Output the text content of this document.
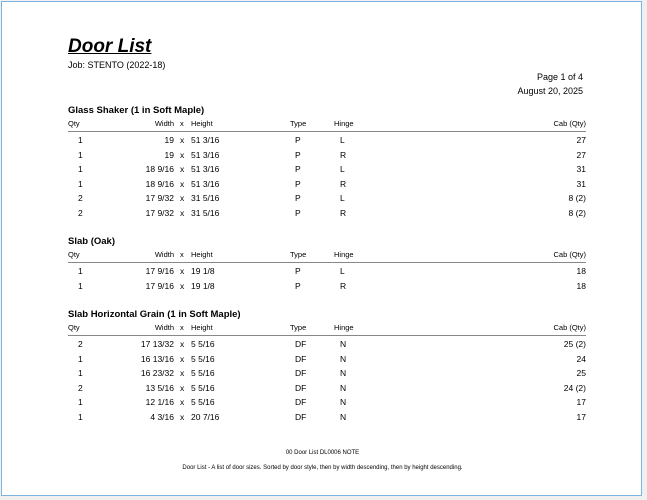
Door List
Job: STENTO (2022-18)
Page 1 of 4
August 20, 2025
Glass Shaker (1 in Soft Maple)
Qty	Width x Height	Type	Hinge	Cab (Qty)
1	19 x 51 3/16	P	L	27
1	19 x 51 3/16	P	R	27
1	18 9/16 x 51 3/16	P	L	31
1	18 9/16 x 51 3/16	P	R	31
2	17 9/32 x 31 5/16	P	L	8 (2)
2	17 9/32 x 31 5/16	P	R	8 (2)
Slab (Oak)
Qty	Width x Height	Type	Hinge	Cab (Qty)
1	17 9/16 x 19 1/8	P	L	18
1	17 9/16 x 19 1/8	P	R	18
Slab Horizontal Grain (1 in Soft Maple)
Qty	Width x Height	Type	Hinge	Cab (Qty)
2	17 13/32 x 5 5/16	DF	N	25 (2)
1	16 13/16 x 5 5/16	DF	N	24
1	16 23/32 x 5 5/16	DF	N	25
2	13 5/16 x 5 5/16	DF	N	24 (2)
1	12 1/16 x 5 5/16	DF	N	17
1	4 3/16 x 20 7/16	DF	N	17
00 Door List DL0006 NOTE
Door List - A list of door sizes. Sorted by door style, then by width descending, then by height descending.
